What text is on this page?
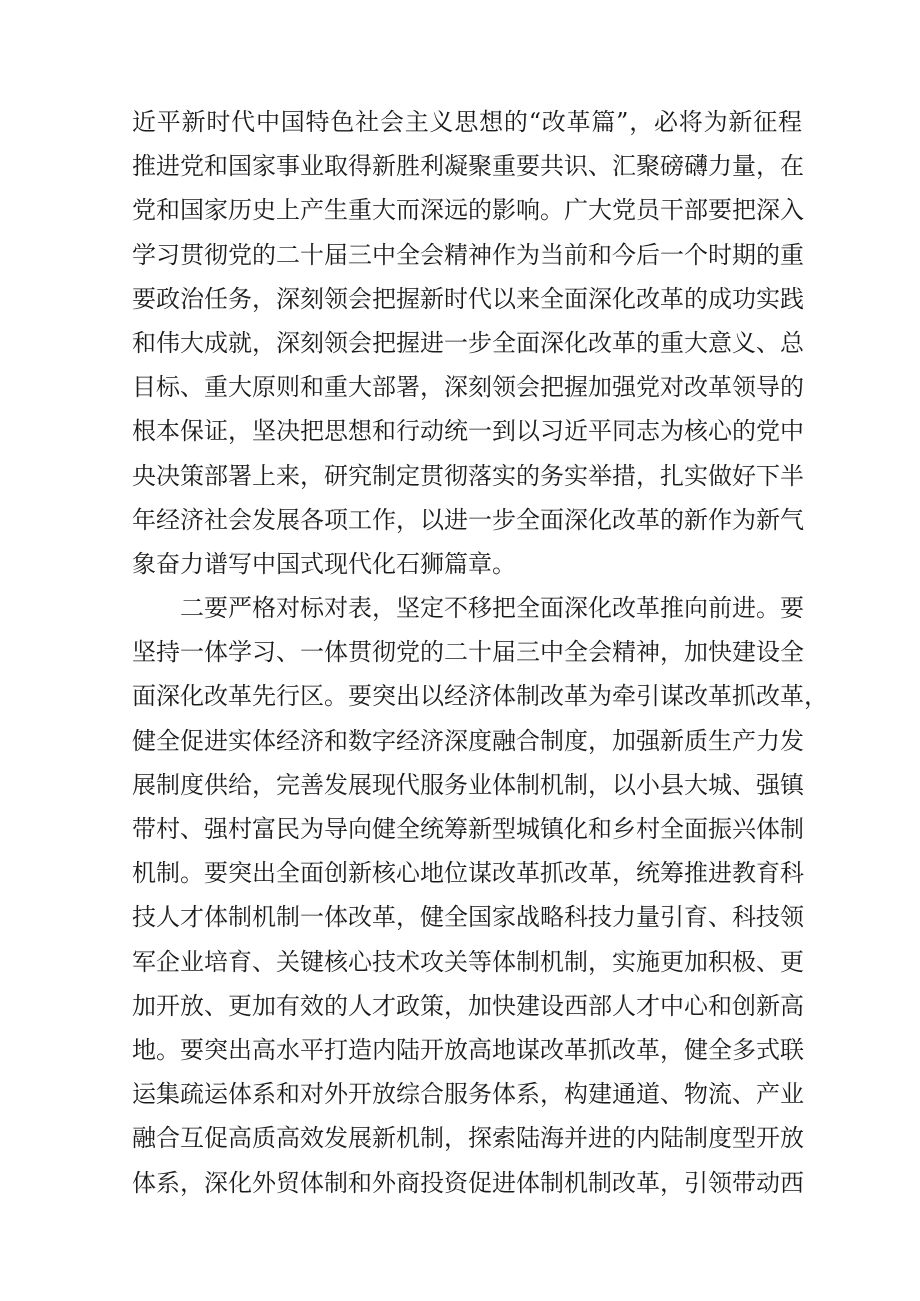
近平新时代中国特色社会主义思想的“改革篇”，必将为新征程
推进党和国家事业取得新胜利凝聚重要共识、汇聚磅礴力量，在
党和国家历史上产生重大而深远的影响。广大党员干部要把深入
学习贯彻党的二十届三中全会精神作为当前和今后一个时期的重
要政治任务，深刻领会把握新时代以来全面深化改革的成功实践
和伟大成就，深刻领会把握进一步全面深化改革的重大意义、总
目标、重大原则和重大部署，深刻领会把握加强党对改革领导的
根本保证，坚决把思想和行动统一到以习近平同志为核心的党中
央决策部署上来，研究制定贯彻落实的务实举措，扎实做好下半
年经济社会发展各项工作，以进一步全面深化改革的新作为新气
象奋力谱写中国式现代化石狮篇章。
二要严格对标对表，坚定不移把全面深化改革推向前进。要
坚持一体学习、一体贯彻党的二十届三中全会精神，加快建设全
面深化改革先行区。要突出以经济体制改革为牵引谋改革抓改革，
健全促进实体经济和数字经济深度融合制度，加强新质生产力发
展制度供给，完善发展现代服务业体制机制，以小县大城、强镇
带村、强村富民为导向健全统筹新型城镇化和乡村全面振兴体制
机制。要突出全面创新核心地位谋改革抓改革，统筹推进教育科
技人才体制机制一体改革，健全国家战略科技力量引育、科技领
军企业培育、关键核心技术攻关等体制机制，实施更加积极、更
加开放、更加有效的人才政策，加快建设西部人才中心和创新高
地。要突出高水平打造内陆开放高地谋改革抓改革，健全多式联
运集疏运体系和对外开放综合服务体系，构建通道、物流、产业
融合互促高质高效发展新机制，探索陆海并进的内陆制度型开放
体系，深化外贸体制和外商投资促进体制机制改革，引领带动西
